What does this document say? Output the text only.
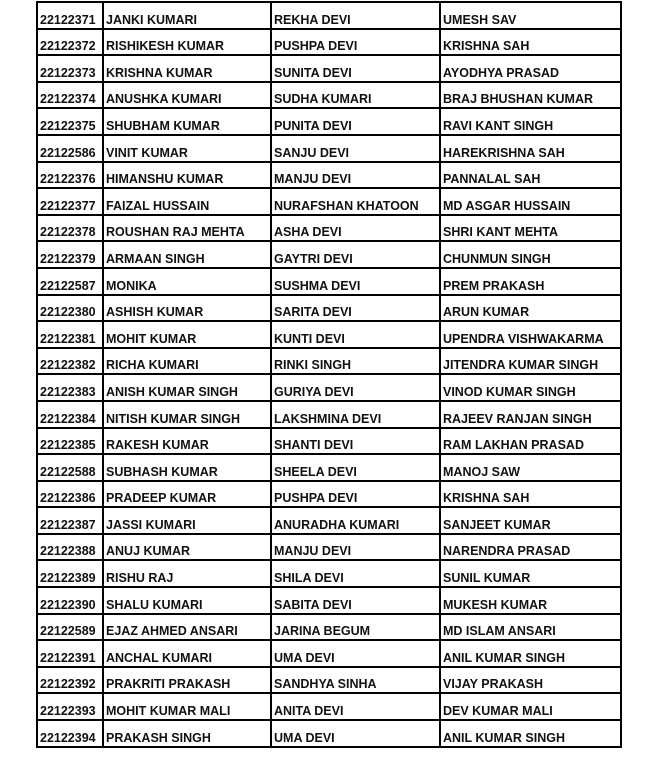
22122371	JANKI KUMARI	REKHA DEVI	UMESH SAV
22122372	RISHIKESH KUMAR	PUSHPA DEVI	KRISHNA SAH
22122373	KRISHNA KUMAR	SUNITA DEVI	AYODHYA PRASAD
22122374	ANUSHKA KUMARI	SUDHA KUMARI	BRAJ BHUSHAN KUMAR
22122375	SHUBHAM KUMAR	PUNITA DEVI	RAVI KANT SINGH
22122586	VINIT KUMAR	SANJU DEVI	HAREKRISHNA SAH
22122376	HIMANSHU KUMAR	MANJU DEVI	PANNALAL SAH
22122377	FAIZAL HUSSAIN	NURAFSHAN KHATOON	MD ASGAR HUSSAIN
22122378	ROUSHAN RAJ MEHTA	ASHA DEVI	SHRI KANT MEHTA
22122379	ARMAAN SINGH	GAYTRI DEVI	CHUNMUN SINGH
22122587	MONIKA	SUSHMA DEVI	PREM PRAKASH
22122380	ASHISH KUMAR	SARITA DEVI	ARUN KUMAR
22122381	MOHIT KUMAR	KUNTI DEVI	UPENDRA VISHWAKARMA
22122382	RICHA KUMARI	RINKI SINGH	JITENDRA KUMAR SINGH
22122383	ANISH KUMAR SINGH	GURIYA DEVI	VINOD KUMAR SINGH
22122384	NITISH KUMAR SINGH	LAKSHMINA DEVI	RAJEEV RANJAN SINGH
22122385	RAKESH KUMAR	SHANTI DEVI	RAM LAKHAN PRASAD
22122588	SUBHASH KUMAR	SHEELA DEVI	MANOJ SAW
22122386	PRADEEP KUMAR	PUSHPA DEVI	KRISHNA SAH
22122387	JASSI KUMARI	ANURADHA KUMARI	SANJEET KUMAR
22122388	ANUJ KUMAR	MANJU DEVI	NARENDRA PRASAD
22122389	RISHU RAJ	SHILA DEVI	SUNIL KUMAR
22122390	SHALU KUMARI	SABITA DEVI	MUKESH KUMAR
22122589	EJAZ AHMED ANSARI	JARINA BEGUM	MD ISLAM ANSARI
22122391	ANCHAL KUMARI	UMA DEVI	ANIL KUMAR SINGH
22122392	PRAKRITI PRAKASH	SANDHYA SINHA	VIJAY PRAKASH
22122393	MOHIT KUMAR MALI	ANITA DEVI	DEV KUMAR MALI
22122394	PRAKASH SINGH	UMA DEVI	ANIL KUMAR SINGH
